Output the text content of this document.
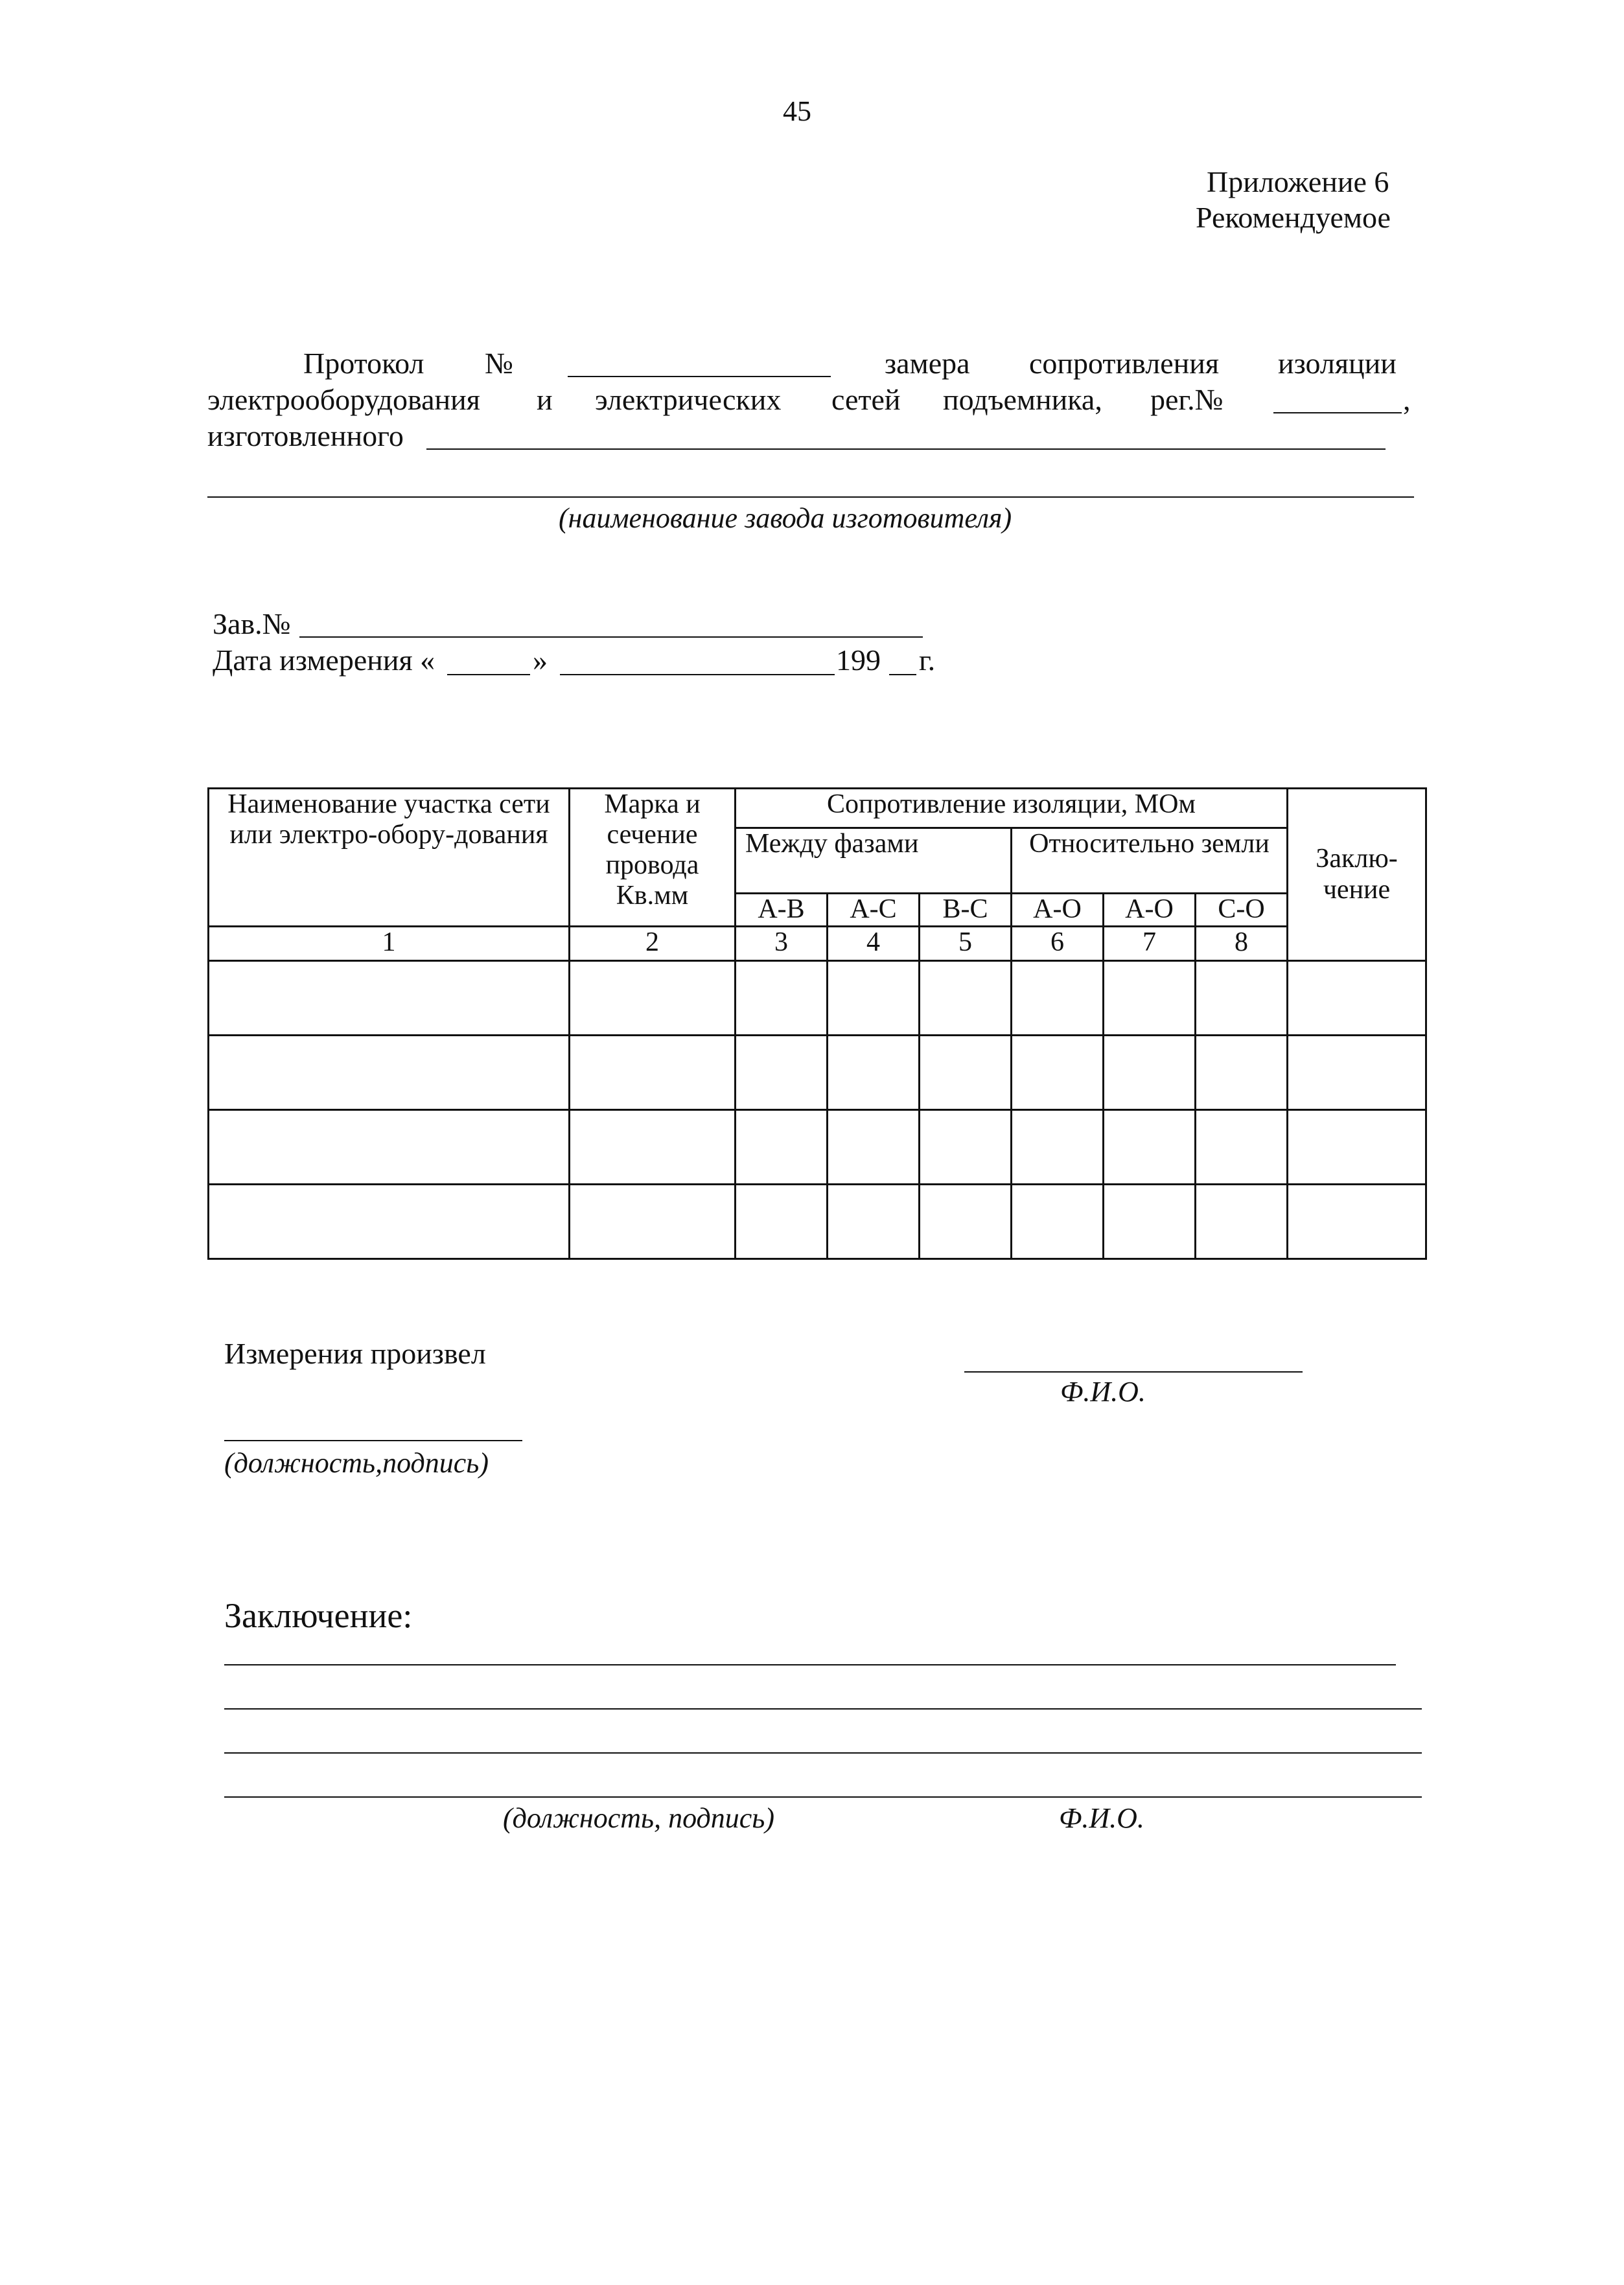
45
Приложение 6
Рекомендуемое
Протокол №	замера сопротивления изоляции
электрооборудования и электрических сетей подъемника, рег.№	,
изготовленного
(наименование завода изготовителя)
Зав.№
Дата измерения «	»	199 г.
Наименование участка сети или электро-обору-дования	Марка и сечение провода Кв.мм	Сопротивление изоляции, МОм						Заклю-чение
		Между фазами			Относительно земли			
		А-В	А-С	В-С	А-О	А-О	С-О	
1	2	3	4	5	6	7	8	

Измерения произвел
Ф.И.О.
(должность,подпись)
Заключение:
(должность, подпись)	Ф.И.О.
